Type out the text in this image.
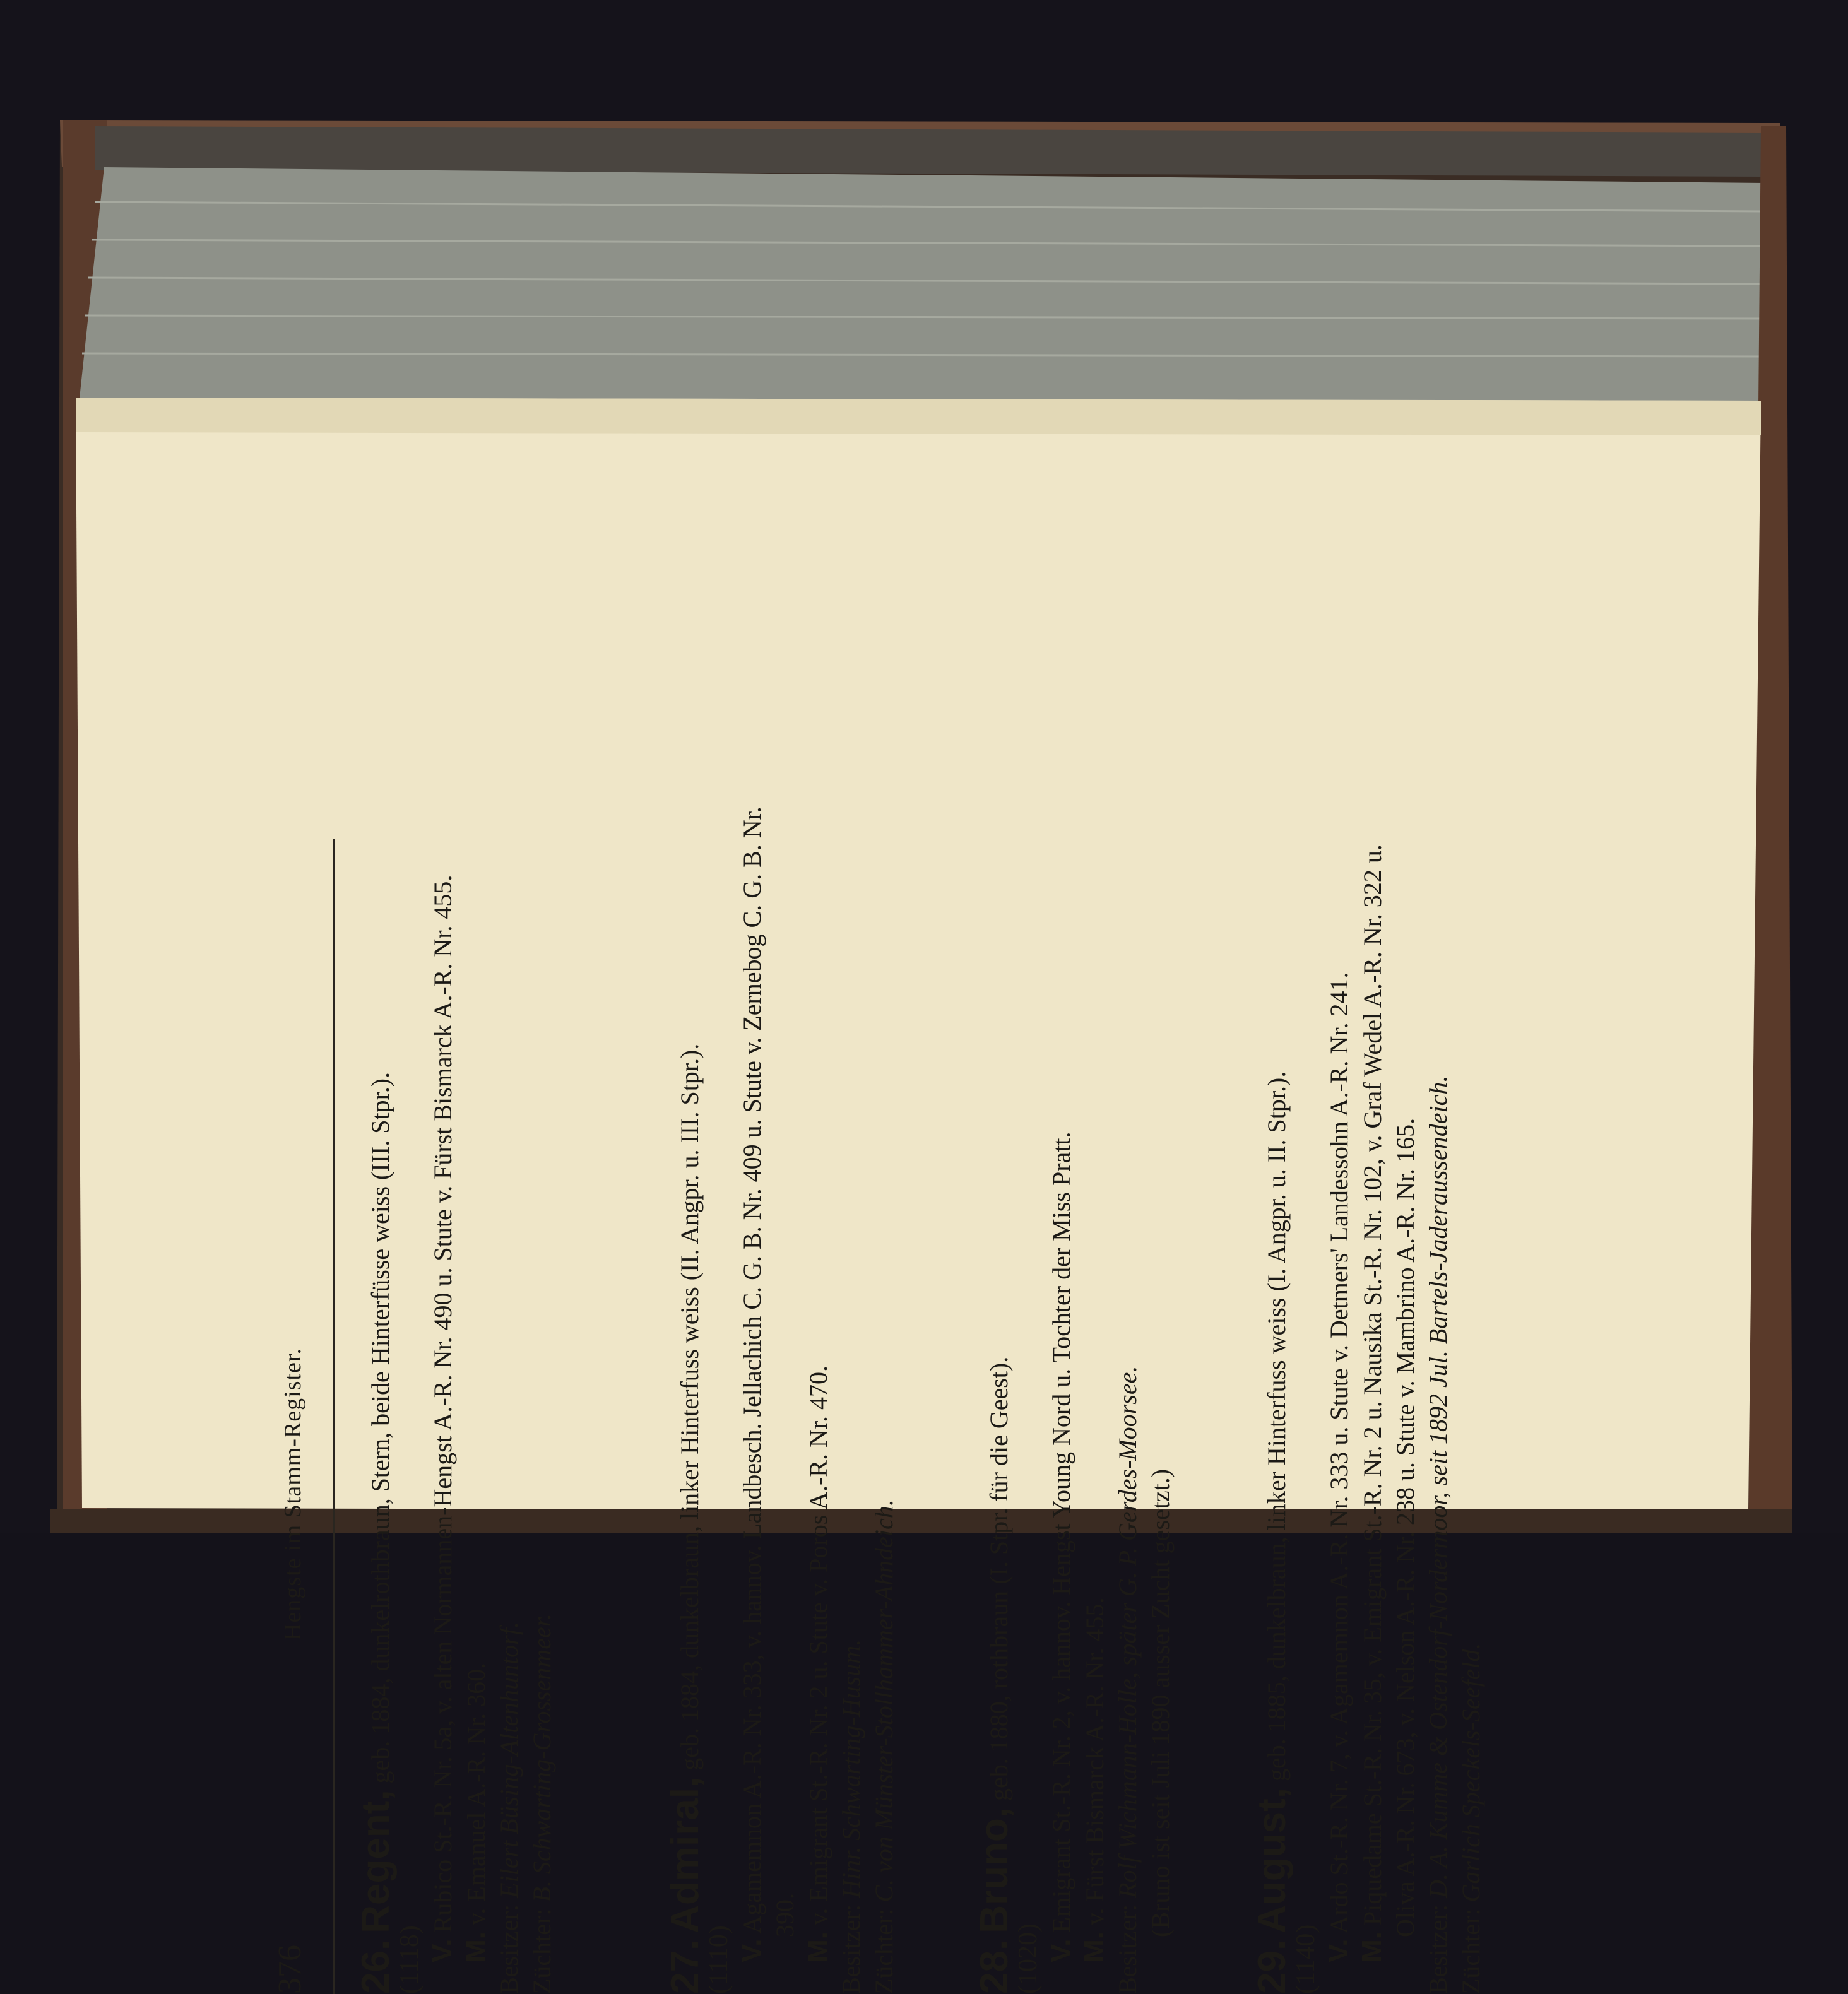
376
Hengste im Stamm-Register.
26. Regent, geb. 1884, dunkelrothbraun, Stern, beide Hinterfüsse weiss (III. Stpr.).
(1118) V. Rubico St.-R. Nr. 5a, v. alten Normannen-Hengst A.-R. Nr. 490 u. Stute v. Fürst Bismarck A.-R. Nr. 455.
M. v. Emanuel A.-R. Nr. 360.
Besitzer: Eilert Büsing-Altenhuntorf.
Züchter: B. Schwarting-Grossenmeer.
27. Admiral, geb. 1884, dunkelbraun, linker Hinterfuss weiss (II. Angpr. u. III. Stpr.).
(1110) V. Agamemnon A.-R. Nr. 333, v. hannov. Landbesch. Jellachich C. G. B. Nr. 409 u. Stute v. Zernebog C. G. B. Nr. 390.
M. v. Emigrant St.-R. Nr. 2 u. Stute v. Poros A.-R. Nr. 470.
Besitzer: Hinr. Schwarting-Husum.
Züchter: C. von Münster-Stollhammer-Ahndeich.
28. Bruno, geb. 1880, rothbraun (I. Stpr. für die Geest).
(1020) V. Emigrant St.-R. Nr. 2, v. hannov. Hengst Young Nord u. Tochter der Miss Pratt.
M. v. Fürst Bismarck A.-R. Nr. 455.
Besitzer: Rolf Wichmann-Holle, später G. P. Gerdes-Moorsee. (Bruno ist seit Juli 1890 ausser Zucht gesetzt.)
29. August, geb. 1885, dunkelbraun, linker Hinterfuss weiss (I. Angpr. u. II. Stpr.).
(1140) V. Ardo St.-R. Nr. 7, v. Agamemnon A.-R. Nr. 333 u. Stute v. Detmers' Landessohn A.-R. Nr. 241.
M. Piquedame St.-R. Nr. 35, v. Emigrant St.-R. Nr. 2 u. Nausika St.-R. Nr. 102, v. Graf Wedel A.-R. Nr. 322 u. Oliva A.-R. Nr. 673, v. Nelson A.-R. Nr. 238 u. Stute v. Mambrino A.-R. Nr. 165.
Besitzer: D. A. Kumme & Ostendorf-Nordermoor, seit 1892 Jul. Bartels-Jaderaussendeich.
Züchter: Garlich Speckels-Seefeld.
